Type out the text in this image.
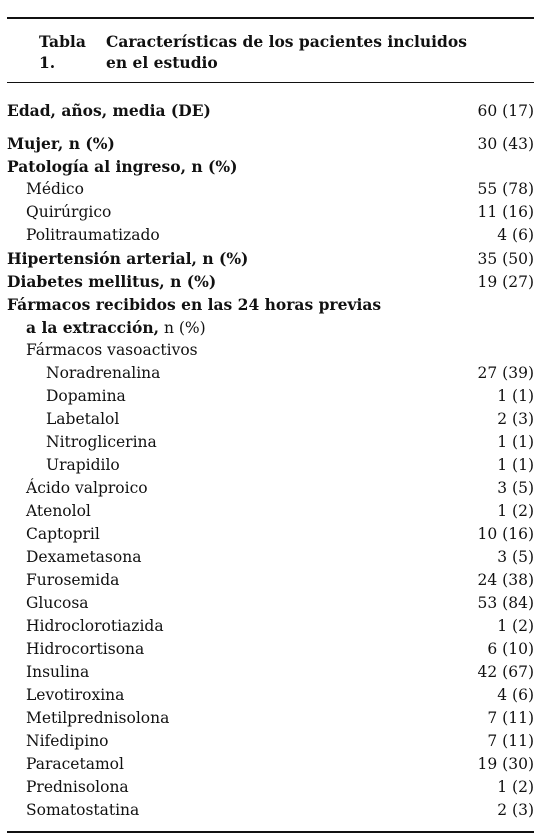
Tabla 1.
Características de los pacientes incluidos
en el estudio
Edad, años, media (DE)	60 (17)
Mujer, n (%)	30 (43)
Patología al ingreso, n (%)
Médico	55 (78)
Quirúrgico	11 (16)
Politraumatizado	4 (6)
Hipertensión arterial, n (%)	35 (50)
Diabetes mellitus, n (%)	19 (27)
Fármacos recibidos en las 24 horas previas
a la extracción, n (%)
Fármacos vasoactivos
Noradrenalina	27 (39)
Dopamina	1 (1)
Labetalol	2 (3)
Nitroglicerina	1 (1)
Urapidilo	1 (1)
Ácido valproico	3 (5)
Atenolol	1 (2)
Captopril	10 (16)
Dexametasona	3 (5)
Furosemida	24 (38)
Glucosa	53 (84)
Hidroclorotiazida	1 (2)
Hidrocortisona	6 (10)
Insulina	42 (67)
Levotiroxina	4 (6)
Metilprednisolona	7 (11)
Nifedipino	7 (11)
Paracetamol	19 (30)
Prednisolona	1 (2)
Somatostatina	2 (3)
